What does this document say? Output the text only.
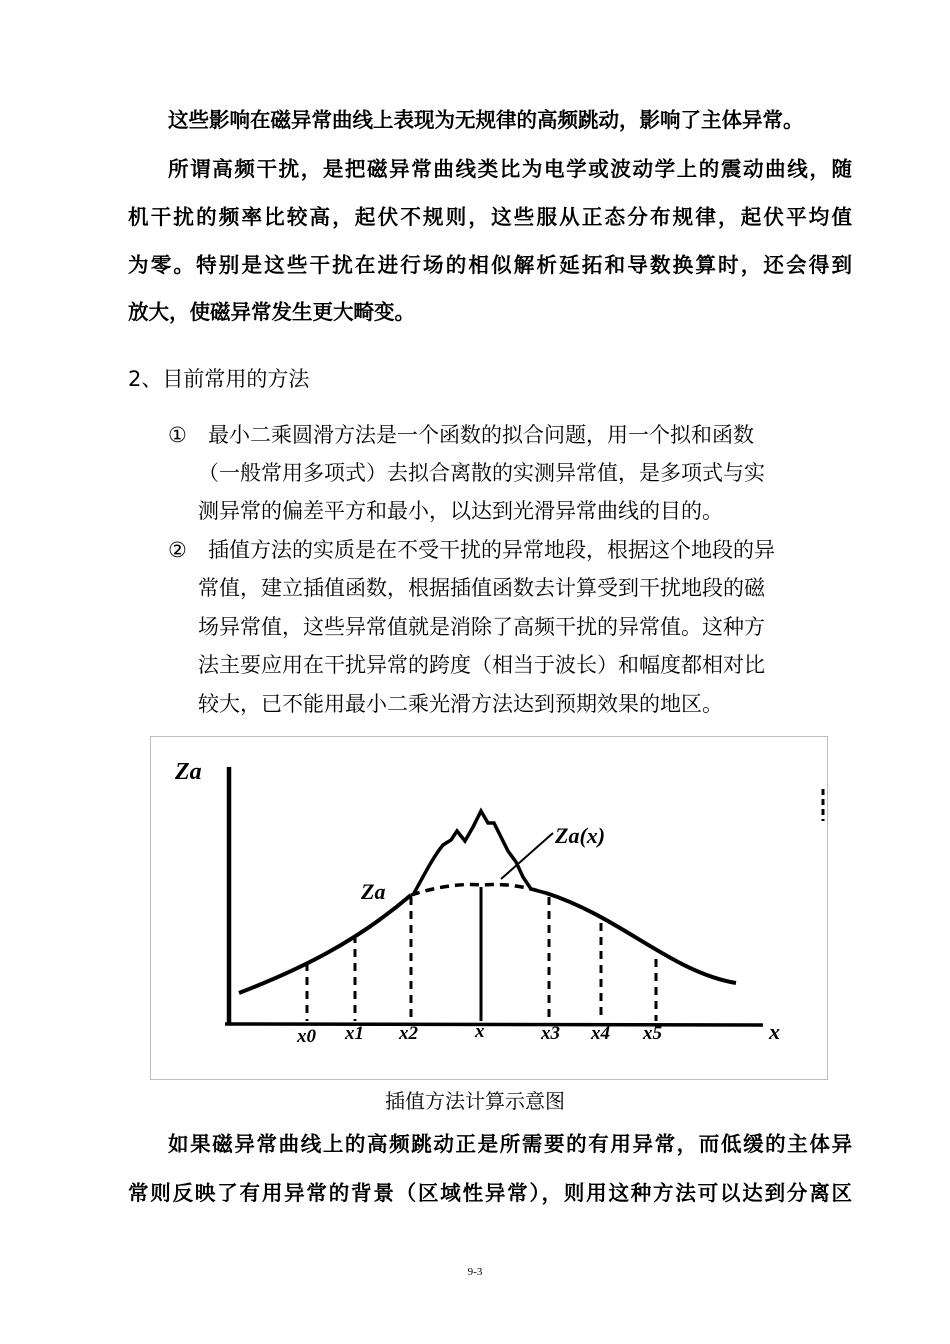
这些影响在磁异常曲线上表现为无规律的高频跳动，影响了主体异常。
所谓高频干扰，是把磁异常曲线类比为电学或波动学上的震动曲线，随
机干扰的频率比较高，起伏不规则，这些服从正态分布规律，起伏平均值
为零。特别是这些干扰在进行场的相似解析延拓和导数换算时，还会得到
放大，使磁异常发生更大畸变。
2、目前常用的方法
① 最小二乘圆滑方法是一个函数的拟合问题，用一个拟和函数
（一般常用多项式）去拟合离散的实测异常值，是多项式与实
测异常的偏差平方和最小，以达到光滑异常曲线的目的。
② 插值方法的实质是在不受干扰的异常地段，根据这个地段的异
常值，建立插值函数，根据插值函数去计算受到干扰地段的磁
场异常值，这些异常值就是消除了高频干扰的异常值。这种方
法主要应用在干扰异常的跨度（相当于波长）和幅度都相对比
较大，已不能用最小二乘光滑方法达到预期效果的地区。
Za
x
Za
Za(x)
x0 x1 x2	x	x3 x4 x5
插值方法计算示意图
如果磁异常曲线上的高频跳动正是所需要的有用异常，而低缓的主体异
常则反映了有用异常的背景（区域性异常），则用这种方法可以达到分离区
9-3
